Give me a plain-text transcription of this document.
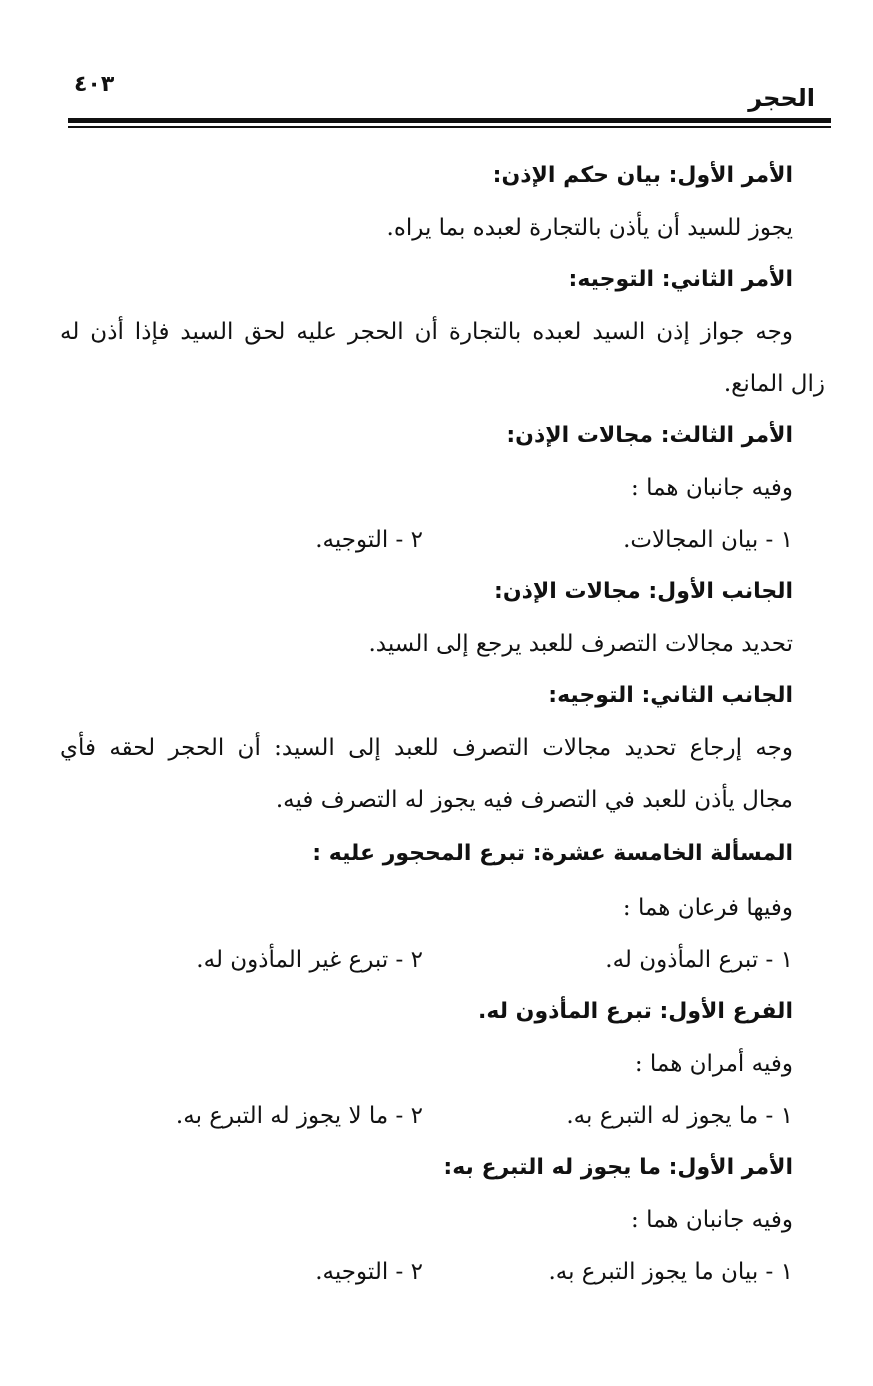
الحجر
٤٠٣
الأمر الأول: بيان حكم الإذن:
يجوز للسيد أن يأذن بالتجارة لعبده بما يراه.
الأمر الثاني: التوجيه:
وجه جواز إذن السيد لعبده بالتجارة أن الحجر عليه لحق السيد فإذا أذن له
زال المانع.
الأمر الثالث: مجالات الإذن:
وفيه جانبان هما :
١ - بيان المجالات.
٢ - التوجيه.
الجانب الأول: مجالات الإذن:
تحديد مجالات التصرف للعبد يرجع إلى السيد.
الجانب الثاني: التوجيه:
وجه إرجاع تحديد مجالات التصرف للعبد إلى السيد: أن الحجر لحقه فأي
مجال يأذن للعبد في التصرف فيه يجوز له التصرف فيه.
المسألة الخامسة عشرة: تبرع المحجور عليه :
وفيها فرعان هما :
١ - تبرع المأذون له.
٢ - تبرع غير المأذون له.
الفرع الأول: تبرع المأذون له.
وفيه أمران هما :
١ - ما يجوز له التبرع به.
٢ - ما لا يجوز له التبرع به.
الأمر الأول: ما يجوز له التبرع به:
وفيه جانبان هما :
١ - بيان ما يجوز التبرع به.
٢ - التوجيه.
